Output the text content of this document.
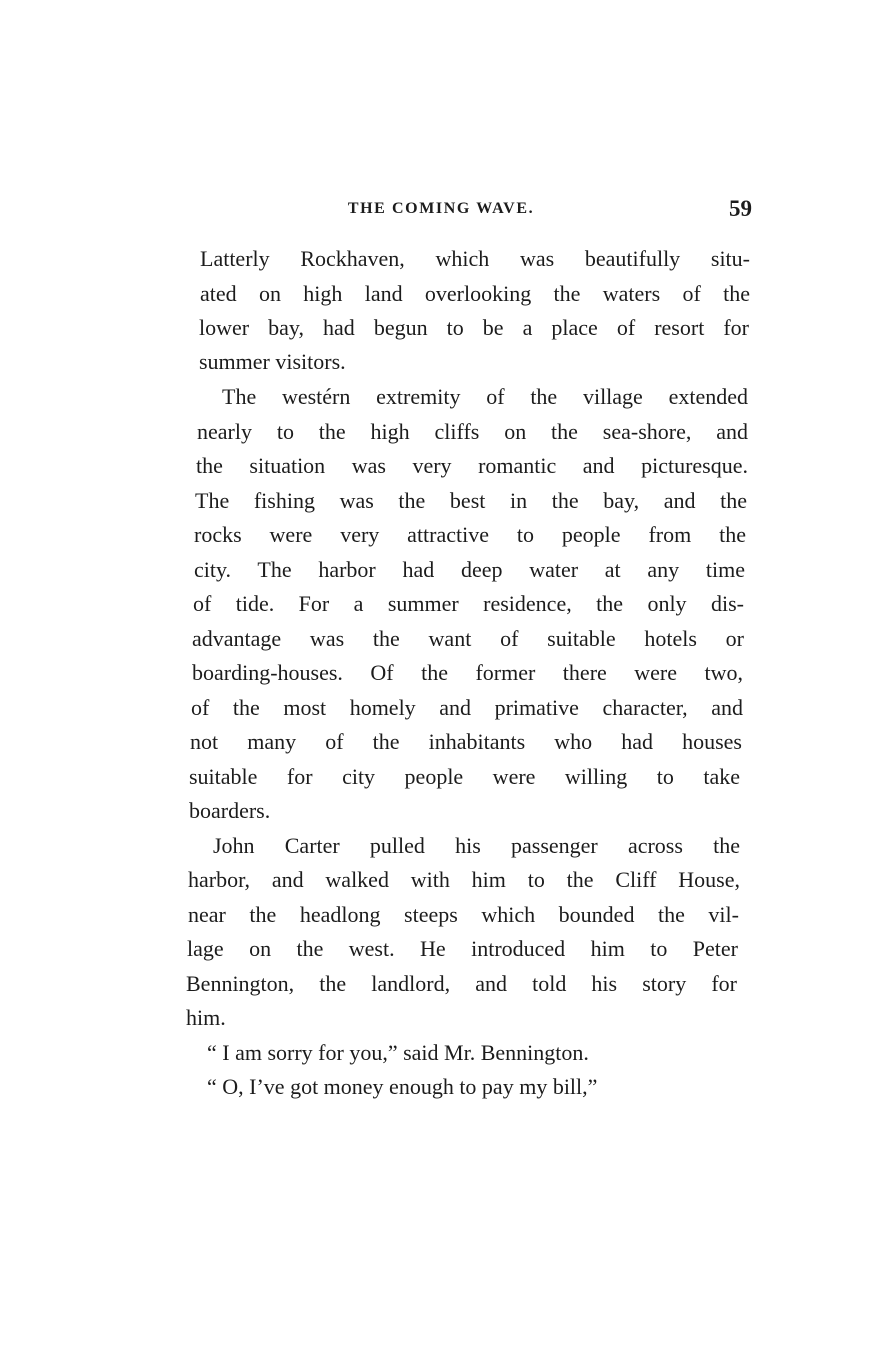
THE COMING WAVE.	59
Latterly Rockhaven, which was beautifully situ-
ated on high land overlooking the waters of the
lower bay, had begun to be a place of resort for
summer visitors.
The westérn extremity of the village extended
nearly to the high cliffs on the sea-shore, and
the situation was very romantic and picturesque.
The fishing was the best in the bay, and the
rocks were very attractive to people from the
city. The harbor had deep water at any time
of tide. For a summer residence, the only dis-
advantage was the want of suitable hotels or
boarding-houses. Of the former there were two,
of the most homely and primative character, and
not many of the inhabitants who had houses
suitable for city people were willing to take
boarders.
John Carter pulled his passenger across the
harbor, and walked with him to the Cliff House,
near the headlong steeps which bounded the vil-
lage on the west. He introduced him to Peter
Bennington, the landlord, and told his story for
him.
“ I am sorry for you,” said Mr. Bennington.
“ O, I’ve got money enough to pay my bill,”
